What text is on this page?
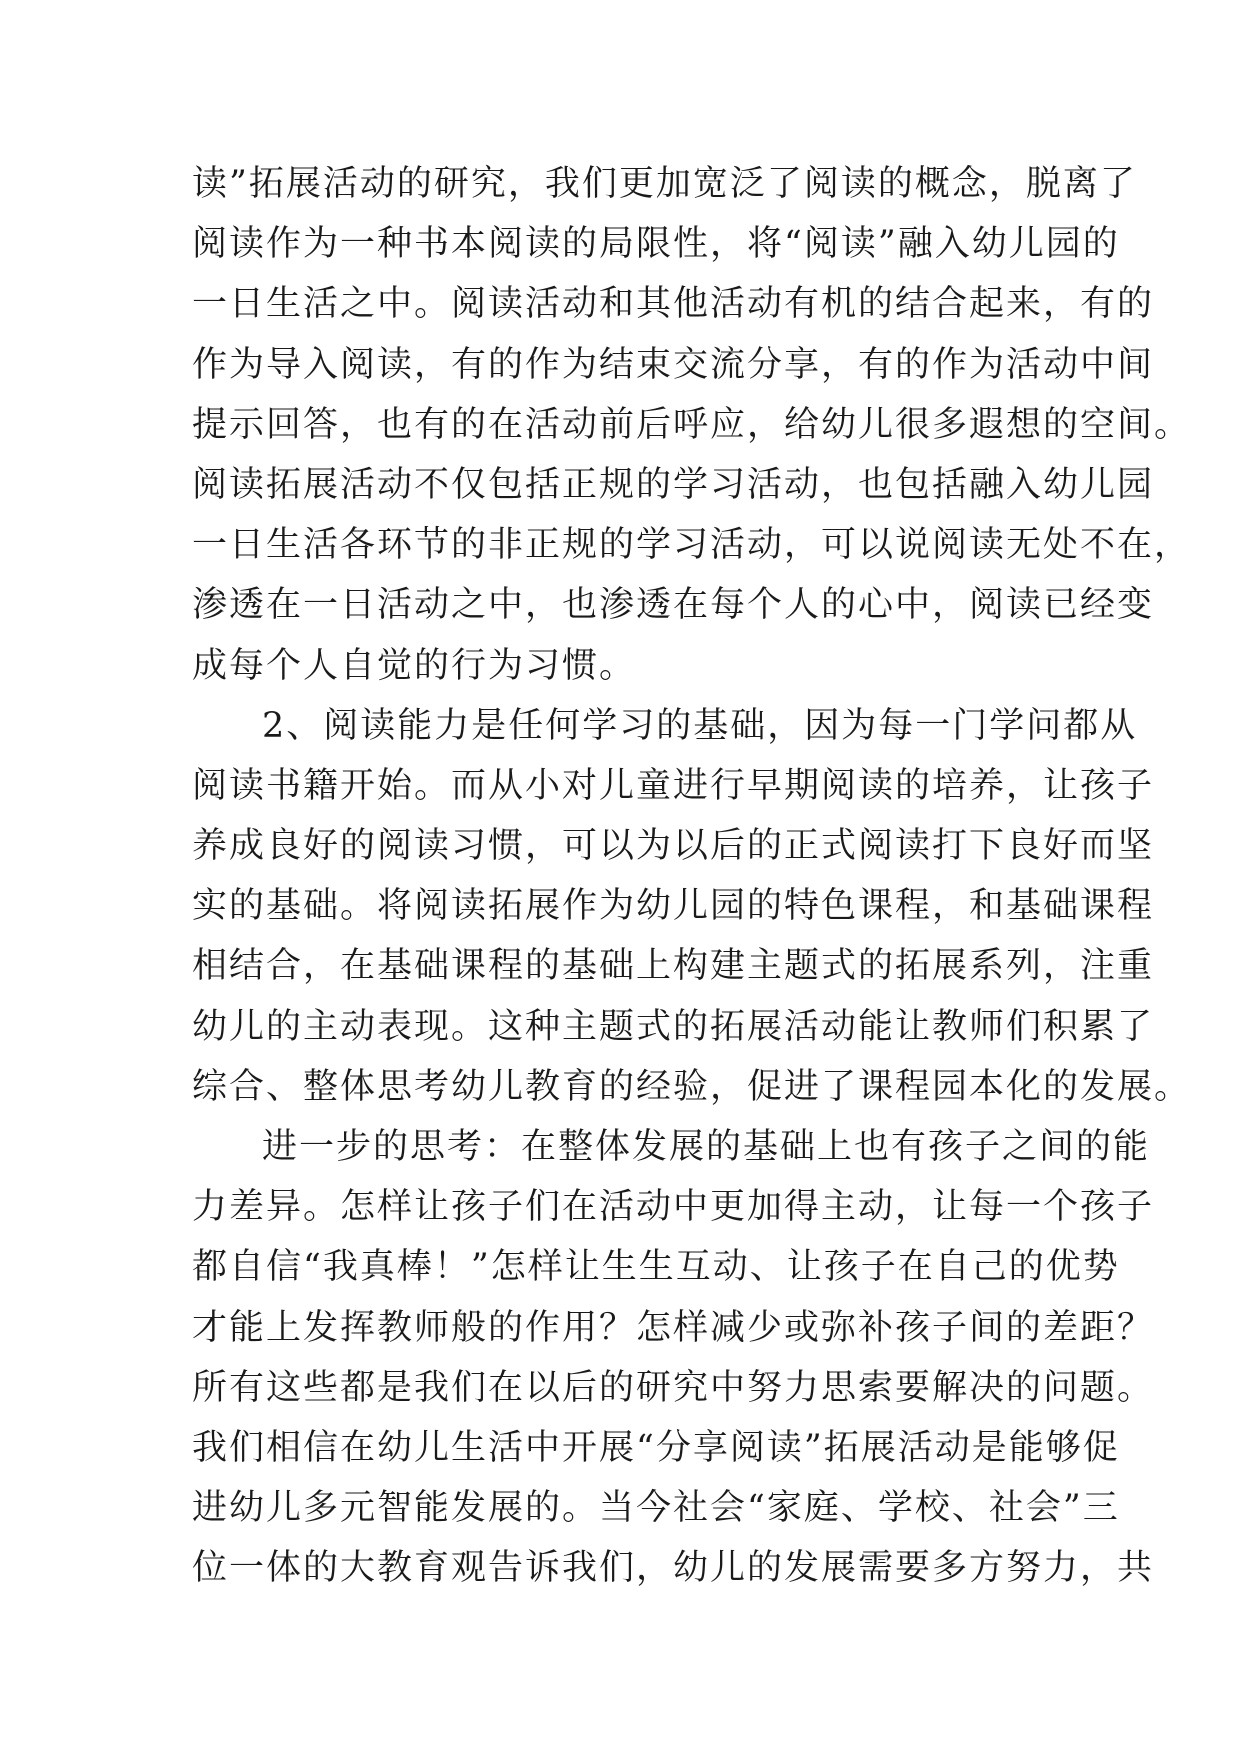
读”拓展活动的研究，我们更加宽泛了阅读的概念，脱离了
阅读作为一种书本阅读的局限性，将“阅读”融入幼儿园的
一日生活之中。阅读活动和其他活动有机的结合起来，有的
作为导入阅读，有的作为结束交流分享，有的作为活动中间
提示回答，也有的在活动前后呼应，给幼儿很多遐想的空间。
阅读拓展活动不仅包括正规的学习活动，也包括融入幼儿园
一日生活各环节的非正规的学习活动，可以说阅读无处不在，
渗透在一日活动之中，也渗透在每个人的心中，阅读已经变
成每个人自觉的行为习惯。
2、阅读能力是任何学习的基础，因为每一门学问都从
阅读书籍开始。而从小对儿童进行早期阅读的培养，让孩子
养成良好的阅读习惯，可以为以后的正式阅读打下良好而坚
实的基础。将阅读拓展作为幼儿园的特色课程，和基础课程
相结合，在基础课程的基础上构建主题式的拓展系列，注重
幼儿的主动表现。这种主题式的拓展活动能让教师们积累了
综合、整体思考幼儿教育的经验，促进了课程园本化的发展。
进一步的思考：在整体发展的基础上也有孩子之间的能
力差异。怎样让孩子们在活动中更加得主动，让每一个孩子
都自信“我真棒！”怎样让生生互动、让孩子在自己的优势
才能上发挥教师般的作用？怎样减少或弥补孩子间的差距？
所有这些都是我们在以后的研究中努力思索要解决的问题。
我们相信在幼儿生活中开展“分享阅读”拓展活动是能够促
进幼儿多元智能发展的。当今社会“家庭、学校、社会”三
位一体的大教育观告诉我们，幼儿的发展需要多方努力，共
